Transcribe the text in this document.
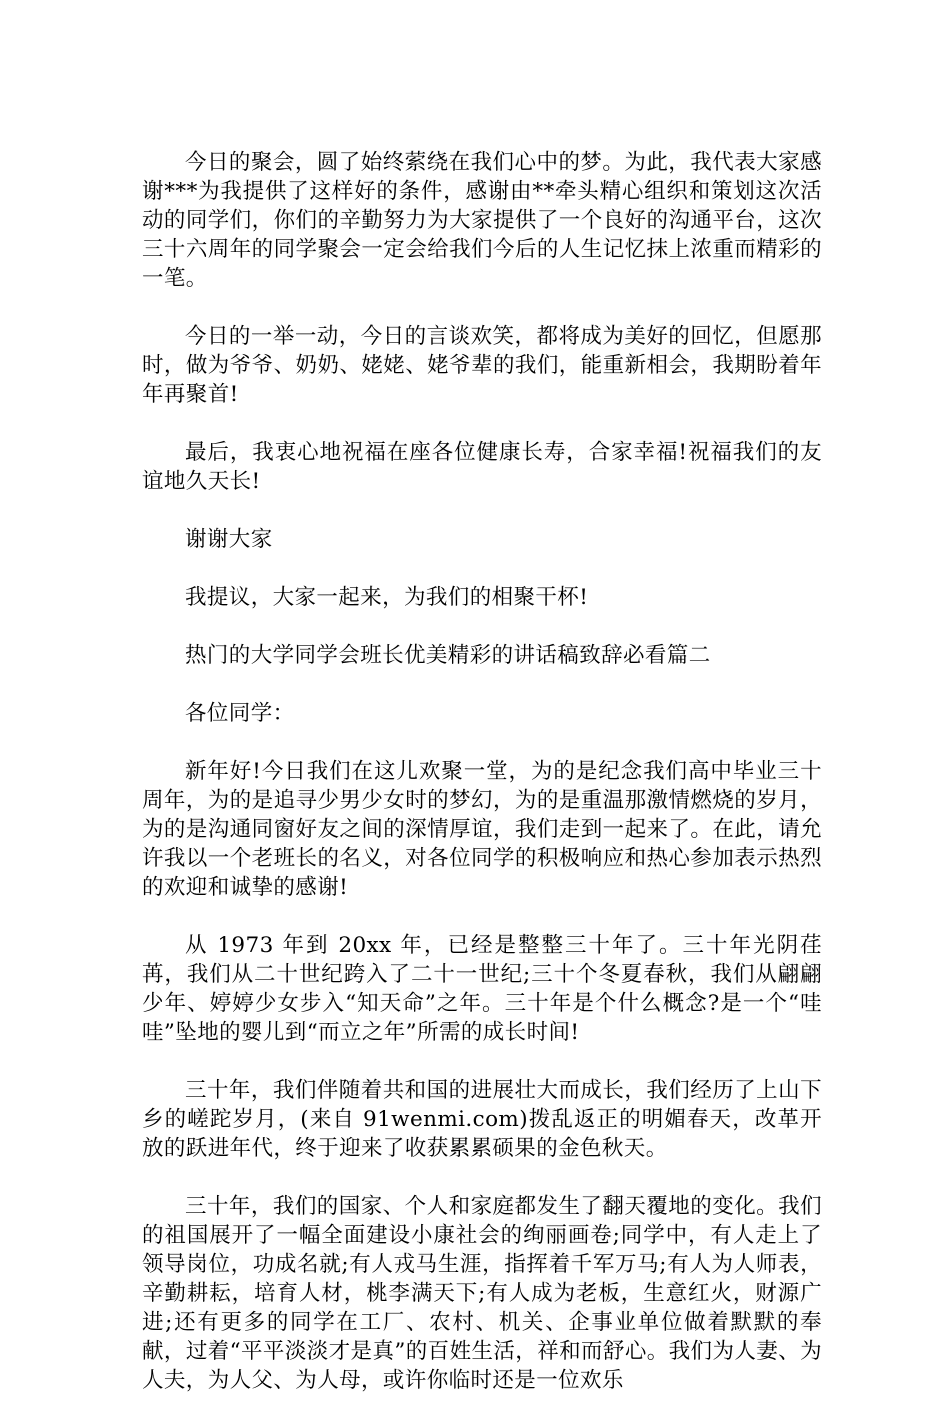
今日的聚会，圆了始终萦绕在我们心中的梦。为此，我代表大家感谢***为我提供了这样好的条件，感谢由**牵头精心组织和策划这次活动的同学们，你们的辛勤努力为大家提供了一个良好的沟通平台，这次三十六周年的同学聚会一定会给我们今后的人生记忆抹上浓重而精彩的一笔。

今日的一举一动，今日的言谈欢笑，都将成为美好的回忆，但愿那时，做为爷爷、奶奶、姥姥、姥爷辈的我们，能重新相会，我期盼着年年再聚首!

最后，我衷心地祝福在座各位健康长寿，合家幸福!祝福我们的友谊地久天长!

谢谢大家

我提议，大家一起来，为我们的相聚干杯!

热门的大学同学会班长优美精彩的讲话稿致辞必看篇二

各位同学：

新年好!今日我们在这儿欢聚一堂，为的是纪念我们高中毕业三十周年，为的是追寻少男少女时的梦幻，为的是重温那激情燃烧的岁月，为的是沟通同窗好友之间的深情厚谊，我们走到一起来了。在此，请允许我以一个老班长的名义，对各位同学的积极响应和热心参加表示热烈的欢迎和诚挚的感谢!

从 1973 年到 20xx 年，已经是整整三十年了。三十年光阴荏苒，我们从二十世纪跨入了二十一世纪;三十个冬夏春秋，我们从翩翩少年、婷婷少女步入“知天命”之年。三十年是个什么概念?是一个“哇哇”坠地的婴儿到“而立之年”所需的成长时间!

三十年，我们伴随着共和国的进展壮大而成长，我们经历了上山下乡的嵯跎岁月，(来自 91wenmi.com)拨乱返正的明媚春天，改革开放的跃进年代，终于迎来了收获累累硕果的金色秋天。

三十年，我们的国家、个人和家庭都发生了翻天覆地的变化。我们的祖国展开了一幅全面建设小康社会的绚丽画卷;同学中，有人走上了领导岗位，功成名就;有人戎马生涯，指挥着千军万马;有人为人师表，辛勤耕耘，培育人材，桃李满天下;有人成为老板，生意红火，财源广进;还有更多的同学在工厂、农村、机关、企事业单位做着默默的奉献，过着“平平淡淡才是真”的百姓生活，祥和而舒心。我们为人妻、为人夫，为人父、为人母，或许你临时还是一位欢乐
